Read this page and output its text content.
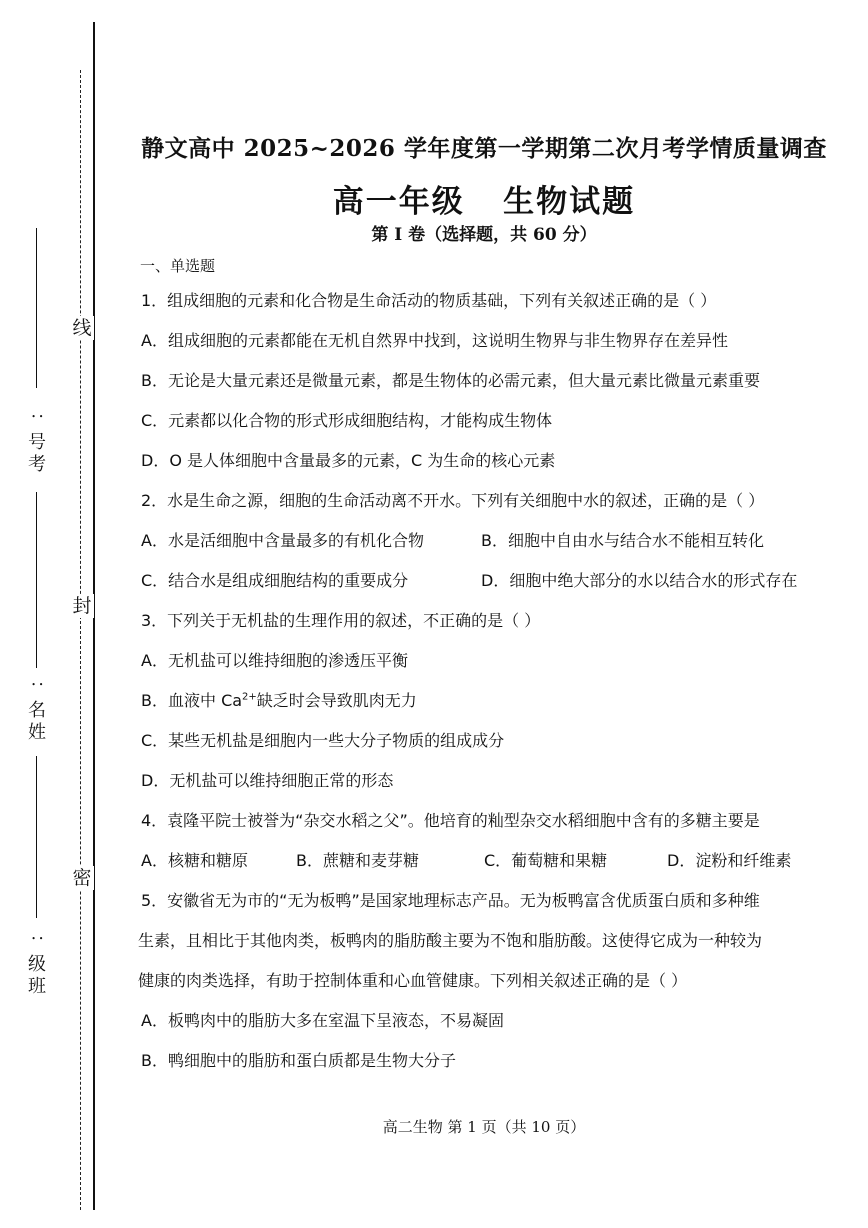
线
封
密
：
号
考
：
名
姓
：
级
班
静文高中 2025~2026 学年度第一学期第二次月考学情质量调查
高一年级   生物试题
第 I 卷（选择题，共 60 分）
一、单选题
1．组成细胞的元素和化合物是生命活动的物质基础，下列有关叙述正确的是（ ）
A．组成细胞的元素都能在无机自然界中找到，这说明生物界与非生物界存在差异性
B．无论是大量元素还是微量元素，都是生物体的必需元素，但大量元素比微量元素重要
C．元素都以化合物的形式形成细胞结构，才能构成生物体
D．O 是人体细胞中含量最多的元素，C 为生命的核心元素
2．水是生命之源，细胞的生命活动离不开水。下列有关细胞中水的叙述，正确的是（ ）
A．水是活细胞中含量最多的有机化合物	B．细胞中自由水与结合水不能相互转化
C．结合水是组成细胞结构的重要成分	D．细胞中绝大部分的水以结合水的形式存在
3．下列关于无机盐的生理作用的叙述，不正确的是（ ）
A．无机盐可以维持细胞的渗透压平衡
B．血液中 $Ca^{2+}$缺乏时会导致肌肉无力
C．某些无机盐是细胞内一些大分子物质的组成成分
D．无机盐可以维持细胞正常的形态
4．袁隆平院士被誉为“杂交水稻之父”。他培育的籼型杂交水稻细胞中含有的多糖主要是
A．核糖和糖原	B．蔗糖和麦芽糖	C．葡萄糖和果糖	D．淀粉和纤维素
5．安徽省无为市的“无为板鸭”是国家地理标志产品。无为板鸭富含优质蛋白质和多种维
生素，且相比于其他肉类，板鸭肉的脂肪酸主要为不饱和脂肪酸。这使得它成为一种较为
健康的肉类选择，有助于控制体重和心血管健康。下列相关叙述正确的是（ ）
A．板鸭肉中的脂肪大多在室温下呈液态，不易凝固
B．鸭细胞中的脂肪和蛋白质都是生物大分子
高二生物 第 1 页（共 10 页）
